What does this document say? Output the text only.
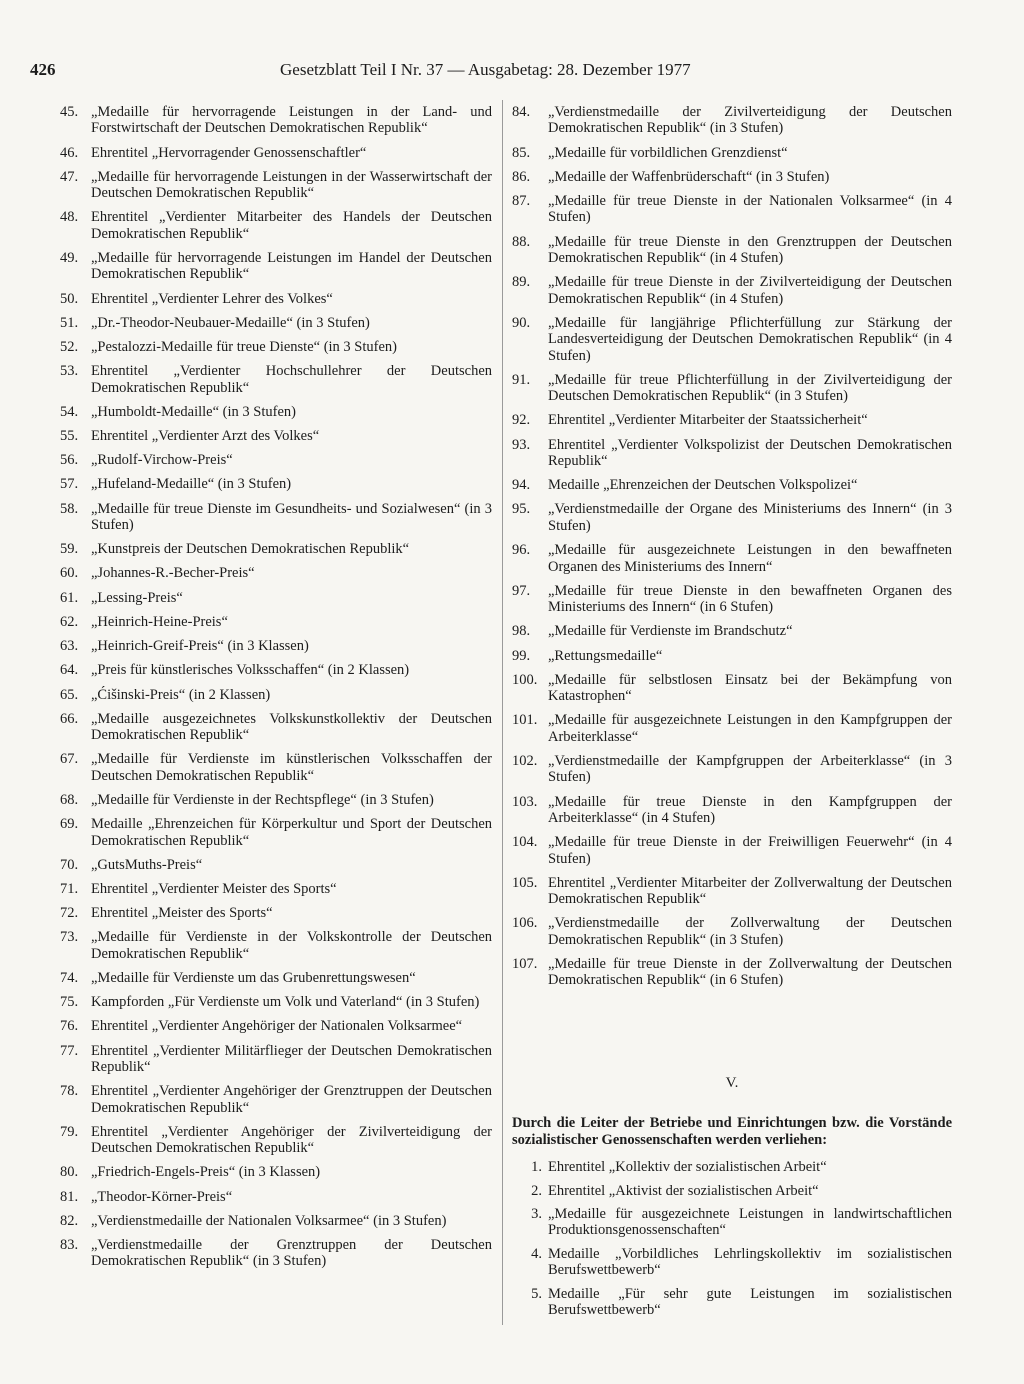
426	Gesetzblatt Teil I Nr. 37 — Ausgabetag: 28. Dezember 1977
45. „Medaille für hervorragende Leistungen in der Land- und Forstwirtschaft der Deutschen Demokratischen Republik“
46. Ehrentitel „Hervorragender Genossenschaftler“
47. „Medaille für hervorragende Leistungen in der Wasserwirtschaft der Deutschen Demokratischen Republik“
48. Ehrentitel „Verdienter Mitarbeiter des Handels der Deutschen Demokratischen Republik“
49. „Medaille für hervorragende Leistungen im Handel der Deutschen Demokratischen Republik“
50. Ehrentitel „Verdienter Lehrer des Volkes“
51. „Dr.-Theodor-Neubauer-Medaille“ (in 3 Stufen)
52. „Pestalozzi-Medaille für treue Dienste“ (in 3 Stufen)
53. Ehrentitel „Verdienter Hochschullehrer der Deutschen Demokratischen Republik“
54. „Humboldt-Medaille“ (in 3 Stufen)
55. Ehrentitel „Verdienter Arzt des Volkes“
56. „Rudolf-Virchow-Preis“
57. „Hufeland-Medaille“ (in 3 Stufen)
58. „Medaille für treue Dienste im Gesundheits- und Sozialwesen“ (in 3 Stufen)
59. „Kunstpreis der Deutschen Demokratischen Republik“
60. „Johannes-R.-Becher-Preis“
61. „Lessing-Preis“
62. „Heinrich-Heine-Preis“
63. „Heinrich-Greif-Preis“ (in 3 Klassen)
64. „Preis für künstlerisches Volksschaffen“ (in 2 Klassen)
65. „Ćišinski-Preis“ (in 2 Klassen)
66. „Medaille ausgezeichnetes Volkskunstkollektiv der Deutschen Demokratischen Republik“
67. „Medaille für Verdienste im künstlerischen Volksschaffen der Deutschen Demokratischen Republik“
68. „Medaille für Verdienste in der Rechtspflege“ (in 3 Stufen)
69. Medaille „Ehrenzeichen für Körperkultur und Sport der Deutschen Demokratischen Republik“
70. „GutsMuths-Preis“
71. Ehrentitel „Verdienter Meister des Sports“
72. Ehrentitel „Meister des Sports“
73. „Medaille für Verdienste in der Volkskontrolle der Deutschen Demokratischen Republik“
74. „Medaille für Verdienste um das Grubenrettungswesen“
75. Kampforden „Für Verdienste um Volk und Vaterland“ (in 3 Stufen)
76. Ehrentitel „Verdienter Angehöriger der Nationalen Volksarmee“
77. Ehrentitel „Verdienter Militärflieger der Deutschen Demokratischen Republik“
78. Ehrentitel „Verdienter Angehöriger der Grenztruppen der Deutschen Demokratischen Republik“
79. Ehrentitel „Verdienter Angehöriger der Zivilverteidigung der Deutschen Demokratischen Republik“
80. „Friedrich-Engels-Preis“ (in 3 Klassen)
81. „Theodor-Körner-Preis“
82. „Verdienstmedaille der Nationalen Volksarmee“ (in 3 Stufen)
83. „Verdienstmedaille der Grenztruppen der Deutschen Demokratischen Republik“ (in 3 Stufen)
84.	„Verdienstmedaille der Zivilverteidigung der Deutschen Demokratischen Republik“ (in 3 Stufen)
85.	„Medaille für vorbildlichen Grenzdienst“
86.	„Medaille der Waffenbrüderschaft“ (in 3 Stufen)
87.	„Medaille für treue Dienste in der Nationalen Volksarmee“ (in 4 Stufen)
88.	„Medaille für treue Dienste in den Grenztruppen der Deutschen Demokratischen Republik“ (in 4 Stufen)
89.	„Medaille für treue Dienste in der Zivilverteidigung der Deutschen Demokratischen Republik“ (in 4 Stufen)
90.	„Medaille für langjährige Pflichterfüllung zur Stärkung der Landesverteidigung der Deutschen Demokratischen Republik“ (in 4 Stufen)
91.	„Medaille für treue Pflichterfüllung in der Zivilverteidigung der Deutschen Demokratischen Republik“ (in 3 Stufen)
92.	Ehrentitel „Verdienter Mitarbeiter der Staatssicherheit“
93.	Ehrentitel „Verdienter Volkspolizist der Deutschen Demokratischen Republik“
94.	Medaille „Ehrenzeichen der Deutschen Volkspolizei“
95.	„Verdienstmedaille der Organe des Ministeriums des Innern“ (in 3 Stufen)
96.	„Medaille für ausgezeichnete Leistungen in den bewaffneten Organen des Ministeriums des Innern“
97.	„Medaille für treue Dienste in den bewaffneten Organen des Ministeriums des Innern“ (in 6 Stufen)
98.	„Medaille für Verdienste im Brandschutz“
99.	„Rettungsmedaille“
100. „Medaille für selbstlosen Einsatz bei der Bekämpfung von Katastrophen“
101. „Medaille für ausgezeichnete Leistungen in den Kampfgruppen der Arbeiterklasse“
102. „Verdienstmedaille der Kampfgruppen der Arbeiterklasse“ (in 3 Stufen)
103. „Medaille für treue Dienste in den Kampfgruppen der Arbeiterklasse“ (in 4 Stufen)
104. „Medaille für treue Dienste in der Freiwilligen Feuerwehr“ (in 4 Stufen)
105. Ehrentitel „Verdienter Mitarbeiter der Zollverwaltung der Deutschen Demokratischen Republik“
106. „Verdienstmedaille der Zollverwaltung der Deutschen Demokratischen Republik“ (in 3 Stufen)
107. „Medaille für treue Dienste in der Zollverwaltung der Deutschen Demokratischen Republik“ (in 6 Stufen)
V.
Durch die Leiter der Betriebe und Einrichtungen bzw. die Vorstände sozialistischer Genossenschaften werden verliehen:
1. Ehrentitel „Kollektiv der sozialistischen Arbeit“
2. Ehrentitel „Aktivist der sozialistischen Arbeit“
3. „Medaille für ausgezeichnete Leistungen in landwirtschaftlichen Produktionsgenossenschaften“
4. Medaille „Vorbildliches Lehrlingskollektiv im sozialistischen Berufswettbewerb“
5. Medaille „Für sehr gute Leistungen im sozialistischen Berufswettbewerb“
